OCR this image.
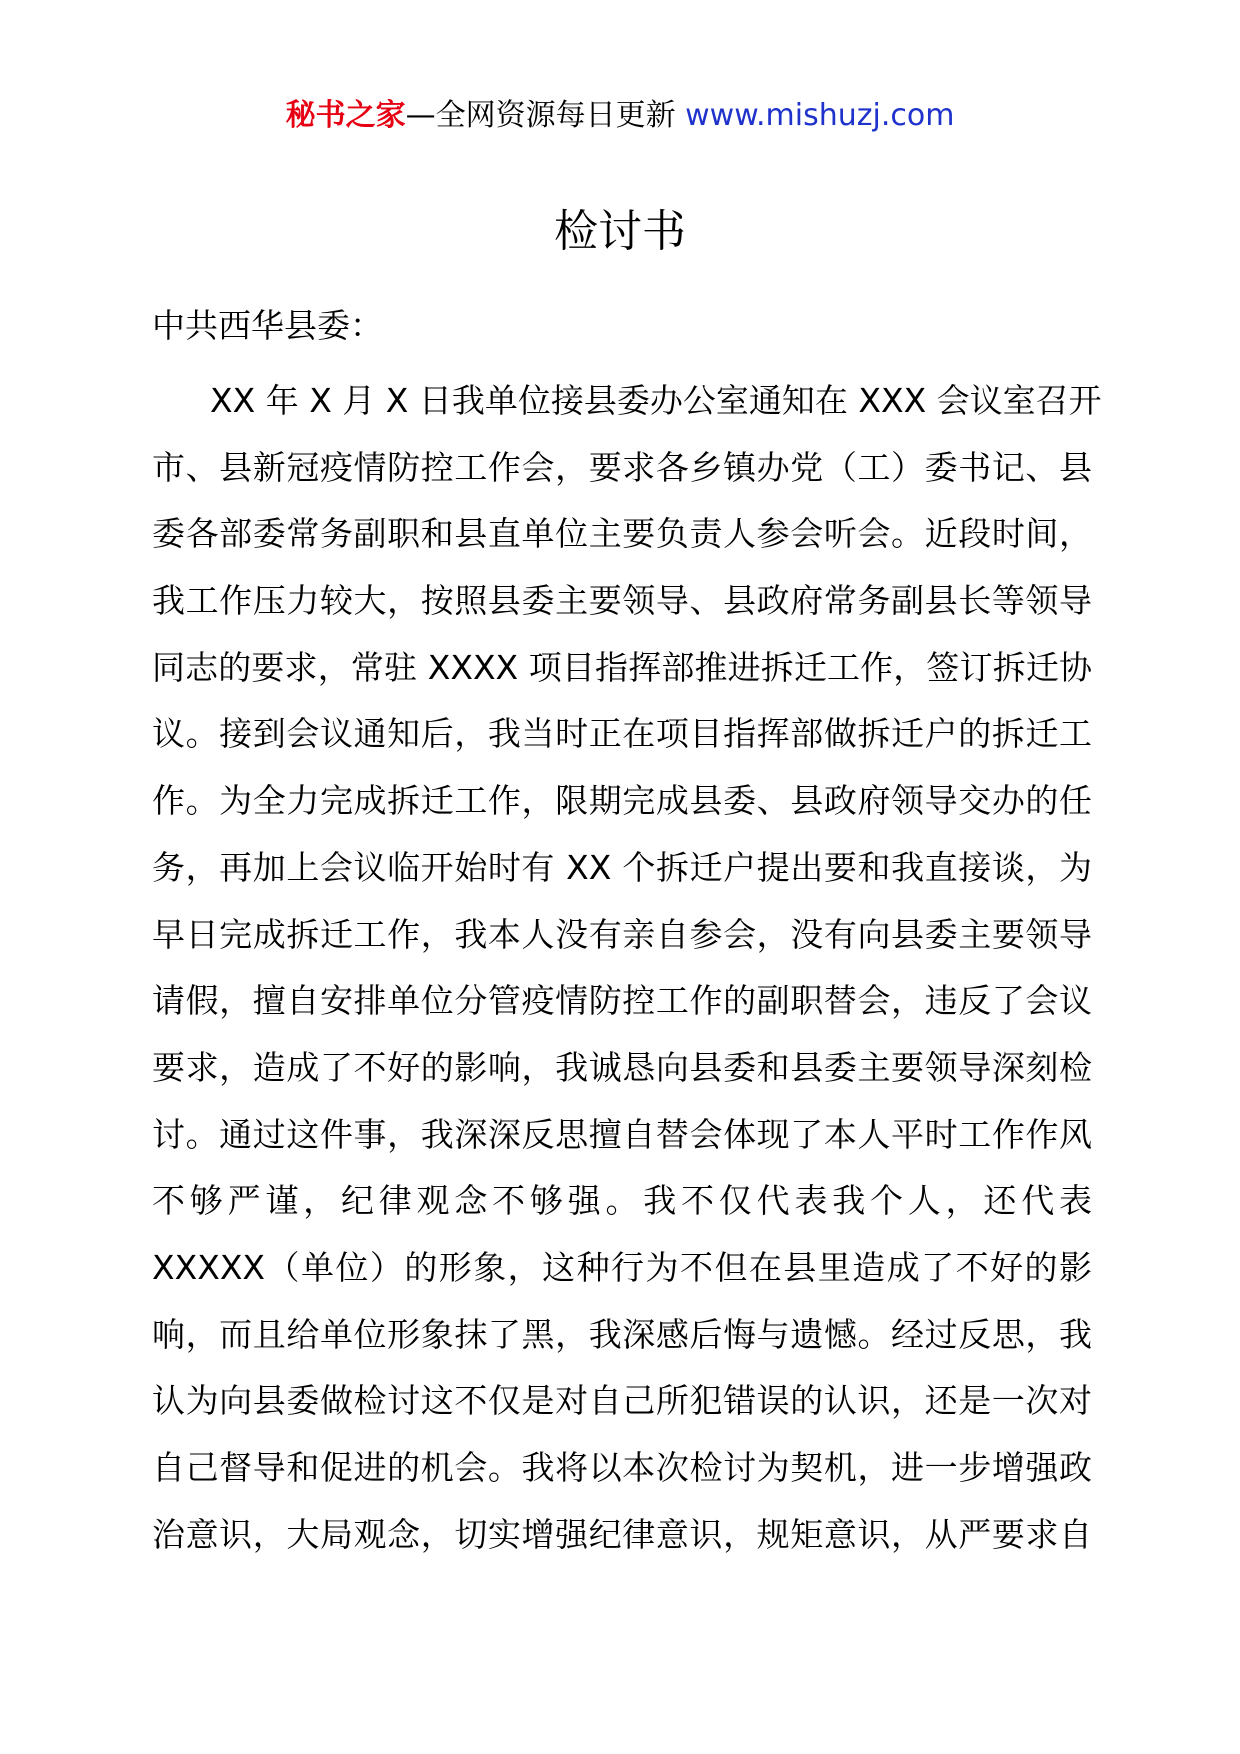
秘书之家—全网资源每日更新 www.mishuzj.com
检讨书
中共西华县委：
XX 年 X 月 X 日我单位接县委办公室通知在 XXX 会议室召开
市、县新冠疫情防控工作会，要求各乡镇办党（工）委书记、县
委各部委常务副职和县直单位主要负责人参会听会。近段时间，
我工作压力较大，按照县委主要领导、县政府常务副县长等领导
同志的要求，常驻 XXXX 项目指挥部推进拆迁工作，签订拆迁协
议。接到会议通知后，我当时正在项目指挥部做拆迁户的拆迁工
作。为全力完成拆迁工作，限期完成县委、县政府领导交办的任
务，再加上会议临开始时有 XX 个拆迁户提出要和我直接谈，为
早日完成拆迁工作，我本人没有亲自参会，没有向县委主要领导
请假，擅自安排单位分管疫情防控工作的副职替会，违反了会议
要求，造成了不好的影响，我诚恳向县委和县委主要领导深刻检
讨。通过这件事，我深深反思擅自替会体现了本人平时工作作风
不够严谨，纪律观念不够强。我不仅代表我个人，还代表
XXXXX（单位）的形象，这种行为不但在县里造成了不好的影
响，而且给单位形象抹了黑，我深感后悔与遗憾。经过反思，我
认为向县委做检讨这不仅是对自己所犯错误的认识，还是一次对
自己督导和促进的机会。我将以本次检讨为契机，进一步增强政
治意识，大局观念，切实增强纪律意识，规矩意识，从严要求自
